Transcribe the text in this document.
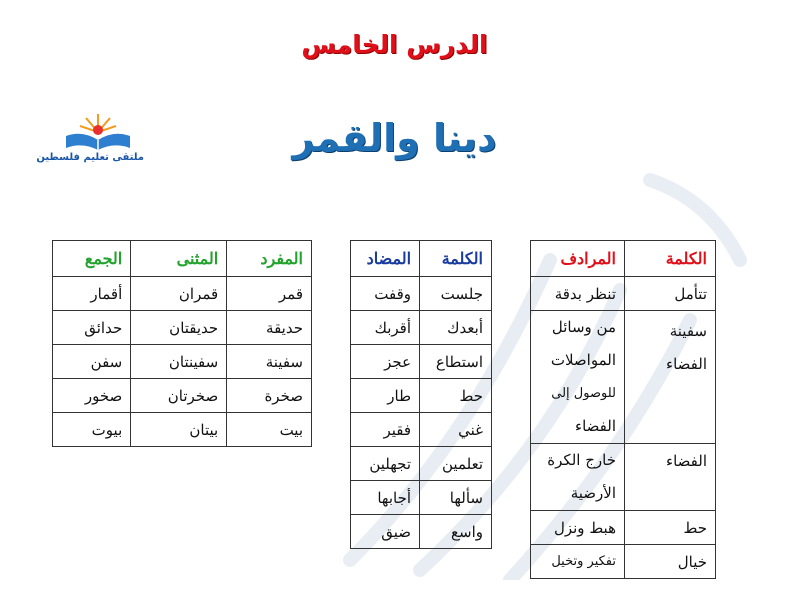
الدرس الخامس
دينا والقمر
ملتقى تعليم فلسطين
الكلمة	المرادف
تتأمل	تنظر بدقة
سفينة الفضاء	من وسائل
المواصلات
للوصول إلى
الفضاء

الفضاء	خارج الكرة
الأرضية

حط	هبط ونزل
خيال	تفكير وتخيل
الكلمة	المضاد
جلست	وقفت
أبعدك	أقربك
استطاع	عجز
حط	طار
غني	فقير
تعلمين	تجهلين
سألها	أجابها
واسع	ضيق
المفرد	المثنى	الجمع
قمر	قمران	أقمار
حديقة	حديقتان	حدائق
سفينة	سفينتان	سفن
صخرة	صخرتان	صخور
بيت	بيتان	بيوت
